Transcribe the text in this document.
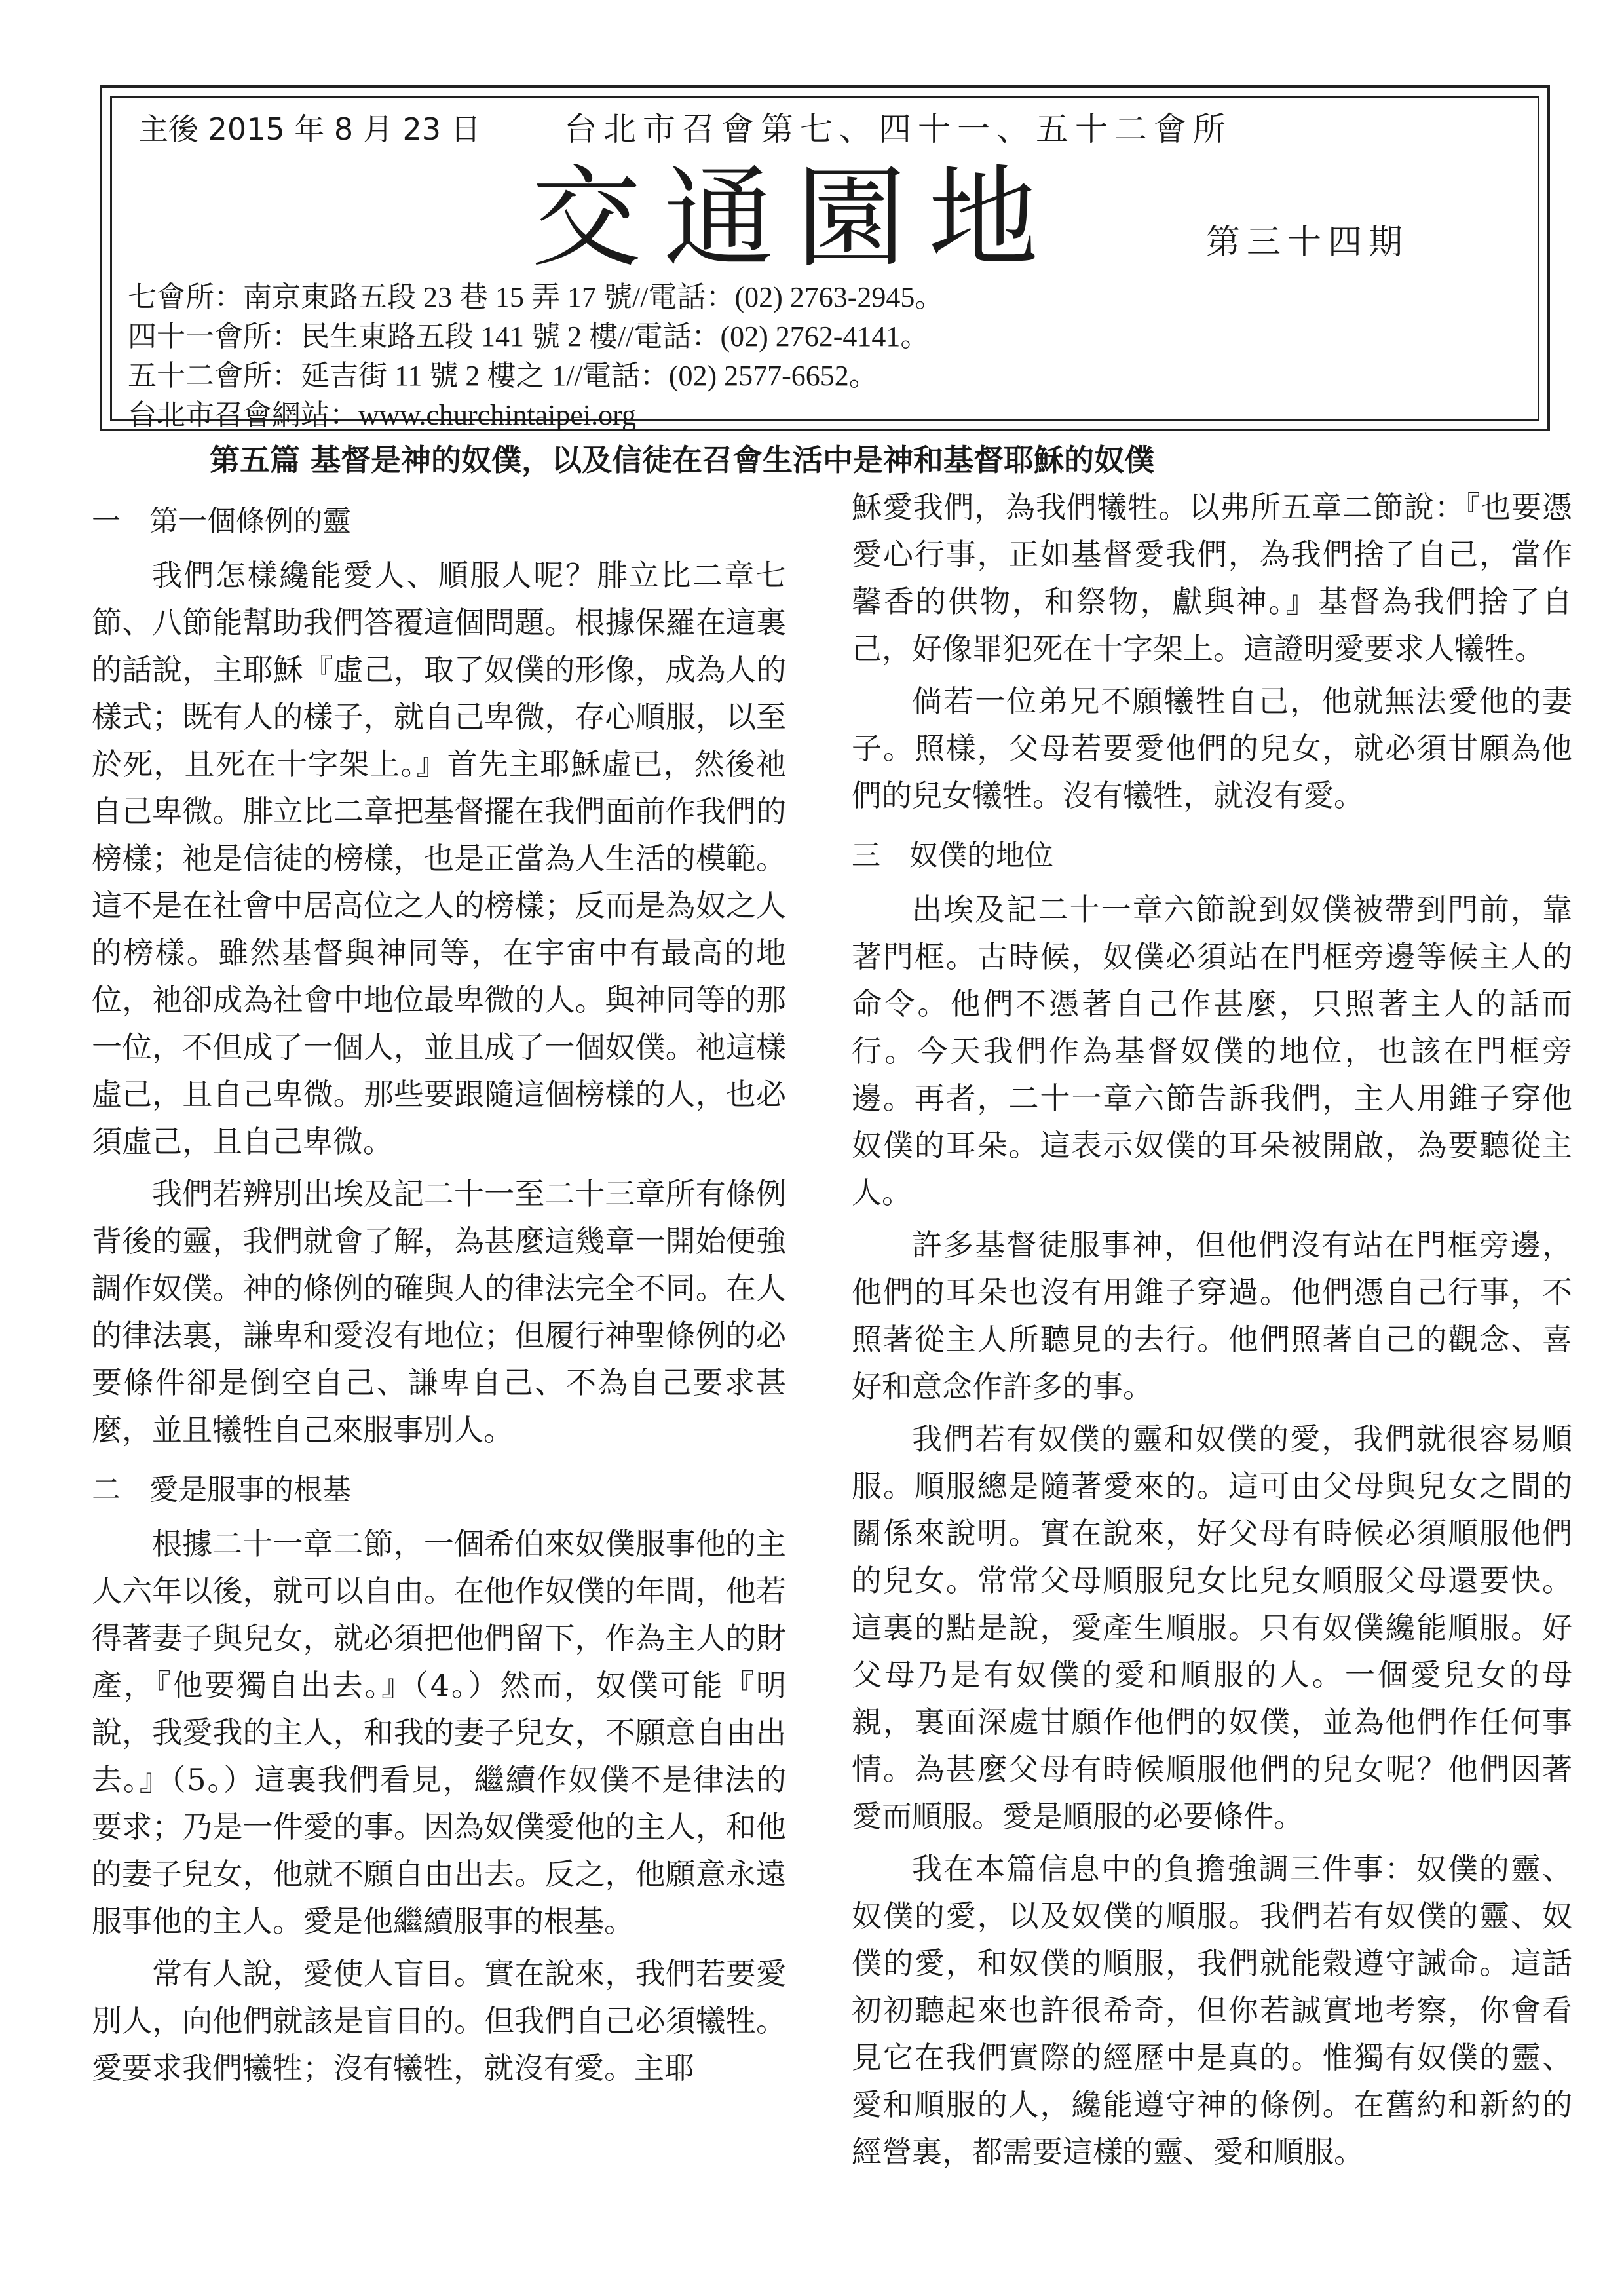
主後 2015 年 8 月 23 日	台北市召會第七、四十一、五十二會所
交通園地	第三十四期
七會所：南京東路五段 23 巷 15 弄 17 號//電話：(02) 2763-2945。
四十一會所：民生東路五段 141 號 2 樓//電話：(02) 2762-4141。
五十二會所：延吉街 11 號 2 樓之 1//電話：(02) 2577-6652。
台北市召會網站：www.churchintaipei.org
第五篇 基督是神的奴僕，以及信徒在召會生活中是神和基督耶穌的奴僕
一　第一個條例的靈

我們怎樣纔能愛人、順服人呢？腓立比二章七節、八節能幫助我們答覆這個問題。根據保羅在這裏的話說，主耶穌『虛己，取了奴僕的形像，成為人的樣式；既有人的樣子，就自己卑微，存心順服，以至於死，且死在十字架上。』首先主耶穌虛已，然後祂自己卑微。腓立比二章把基督擺在我們面前作我們的榜樣；祂是信徒的榜樣，也是正當為人生活的模範。這不是在社會中居高位之人的榜樣；反而是為奴之人的榜樣。雖然基督與神同等，在宇宙中有最高的地位，祂卻成為社會中地位最卑微的人。與神同等的那一位，不但成了一個人，並且成了一個奴僕。祂這樣虛己，且自己卑微。那些要跟隨這個榜樣的人，也必須虛己，且自己卑微。

我們若辨別出埃及記二十一至二十三章所有條例背後的靈，我們就會了解，為甚麼這幾章一開始便強調作奴僕。神的條例的確與人的律法完全不同。在人的律法裏，謙卑和愛沒有地位；但履行神聖條例的必要條件卻是倒空自己、謙卑自己、不為自己要求甚麼，並且犧牲自己來服事別人。

二　愛是服事的根基

根據二十一章二節，一個希伯來奴僕服事他的主人六年以後，就可以自由。在他作奴僕的年間，他若得著妻子與兒女，就必須把他們留下，作為主人的財產，『他要獨自出去。』（4。）然而，奴僕可能『明說，我愛我的主人，和我的妻子兒女，不願意自由出去。』（5。）這裏我們看見，繼續作奴僕不是律法的要求；乃是一件愛的事。因為奴僕愛他的主人，和他的妻子兒女，他就不願自由出去。反之，他願意永遠服事他的主人。愛是他繼續服事的根基。

常有人說，愛使人盲目。實在說來，我們若要愛別人，向他們就該是盲目的。但我們自己必須犧牲。愛要求我們犧牲；沒有犧牲，就沒有愛。主耶

穌愛我們，為我們犧牲。以弗所五章二節說：『也要憑愛心行事，正如基督愛我們，為我們捨了自己，當作馨香的供物，和祭物，獻與神。』基督為我們捨了自己，好像罪犯死在十字架上。這證明愛要求人犧牲。

倘若一位弟兄不願犧牲自己，他就無法愛他的妻子。照樣，父母若要愛他們的兒女，就必須甘願為他們的兒女犧牲。沒有犧牲，就沒有愛。

三　奴僕的地位

出埃及記二十一章六節說到奴僕被帶到門前，靠著門框。古時候，奴僕必須站在門框旁邊等候主人的命令。他們不憑著自己作甚麼，只照著主人的話而行。今天我們作為基督奴僕的地位，也該在門框旁邊。再者，二十一章六節告訴我們，主人用錐子穿他奴僕的耳朵。這表示奴僕的耳朵被開啟，為要聽從主人。

許多基督徒服事神，但他們沒有站在門框旁邊，他們的耳朵也沒有用錐子穿過。他們憑自己行事，不照著從主人所聽見的去行。他們照著自己的觀念、喜好和意念作許多的事。

我們若有奴僕的靈和奴僕的愛，我們就很容易順服。順服總是隨著愛來的。這可由父母與兒女之間的關係來說明。實在說來，好父母有時候必須順服他們的兒女。常常父母順服兒女比兒女順服父母還要快。這裏的點是說，愛產生順服。只有奴僕纔能順服。好父母乃是有奴僕的愛和順服的人。一個愛兒女的母親，裏面深處甘願作他們的奴僕，並為他們作任何事情。為甚麼父母有時候順服他們的兒女呢？他們因著愛而順服。愛是順服的必要條件。

我在本篇信息中的負擔強調三件事：奴僕的靈、奴僕的愛，以及奴僕的順服。我們若有奴僕的靈、奴僕的愛，和奴僕的順服，我們就能穀遵守誡命。這話初初聽起來也許很希奇，但你若誠實地考察，你會看見它在我們實際的經歷中是真的。惟獨有奴僕的靈、愛和順服的人，纔能遵守神的條例。在舊約和新約的經營裏，都需要這樣的靈、愛和順服。
